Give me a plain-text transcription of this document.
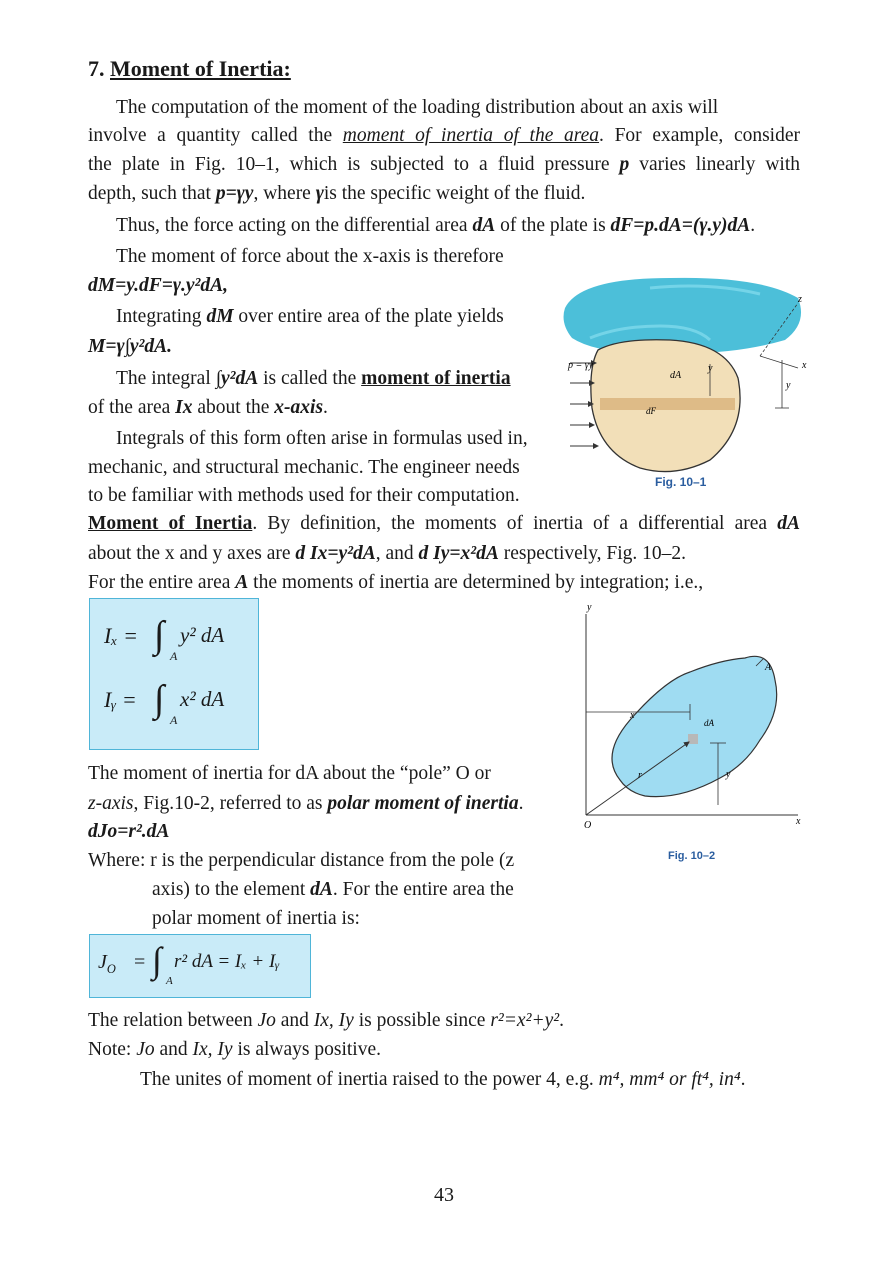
7. Moment of Inertia:
The computation of the moment of the loading distribution about an axis will
involve a quantity called the moment of inertia of the area. For example, consider
the plate in Fig. 10–1, which is subjected to a fluid pressure p varies linearly with
depth, such that p=γy, where γis the specific weight of the fluid.
Thus, the force acting on the differential area dA of the plate is dF=p.dA=(γ.y)dA.
The moment of force about the x-axis is therefore
dM=y.dF=γ.y²dA,
Integrating dM over entire area of the plate yields
M=γ∫y²dA.
The integral ∫y²dA is called the moment of inertia
of the area Ix about the x-axis.
Integrals of this form often arise in formulas used in,
mechanic, and structural mechanic. The engineer needs
to be familiar with methods used for their computation.
p = γy
dA
y
dF
z
x
y
Fig. 10–1
Moment of Inertia. By definition, the moments of inertia of a differential area dA
about the x and y axes are d Ix=y²dA, and d Iy=x²dA respectively, Fig. 10–2.
For the entire area A the moments of inertia are determined by integration; i.e.,
Iₓ = ∫ A
y² dA
Iᵧ = ∫ A
x² dA
y
A
x
dA
y
r
O	x
Fig. 10–2
The moment of inertia for dA about the “pole” O or
z-axis, Fig.10-2, referred to as polar moment of inertia.
dJo=r².dA
Where: r is the perpendicular distance from the pole (z
axis) to the element dA. For the entire area the
polar moment of inertia is:
$J_O$ = ∫
A
r² dA = Iₓ + Iᵧ
The relation between Jo and Ix, Iy is possible since r²=x²+y².
Note: Jo and Ix, Iy is always positive.
The unites of moment of inertia raised to the power 4, e.g. m⁴, mm⁴ or ft⁴, in⁴.
43
